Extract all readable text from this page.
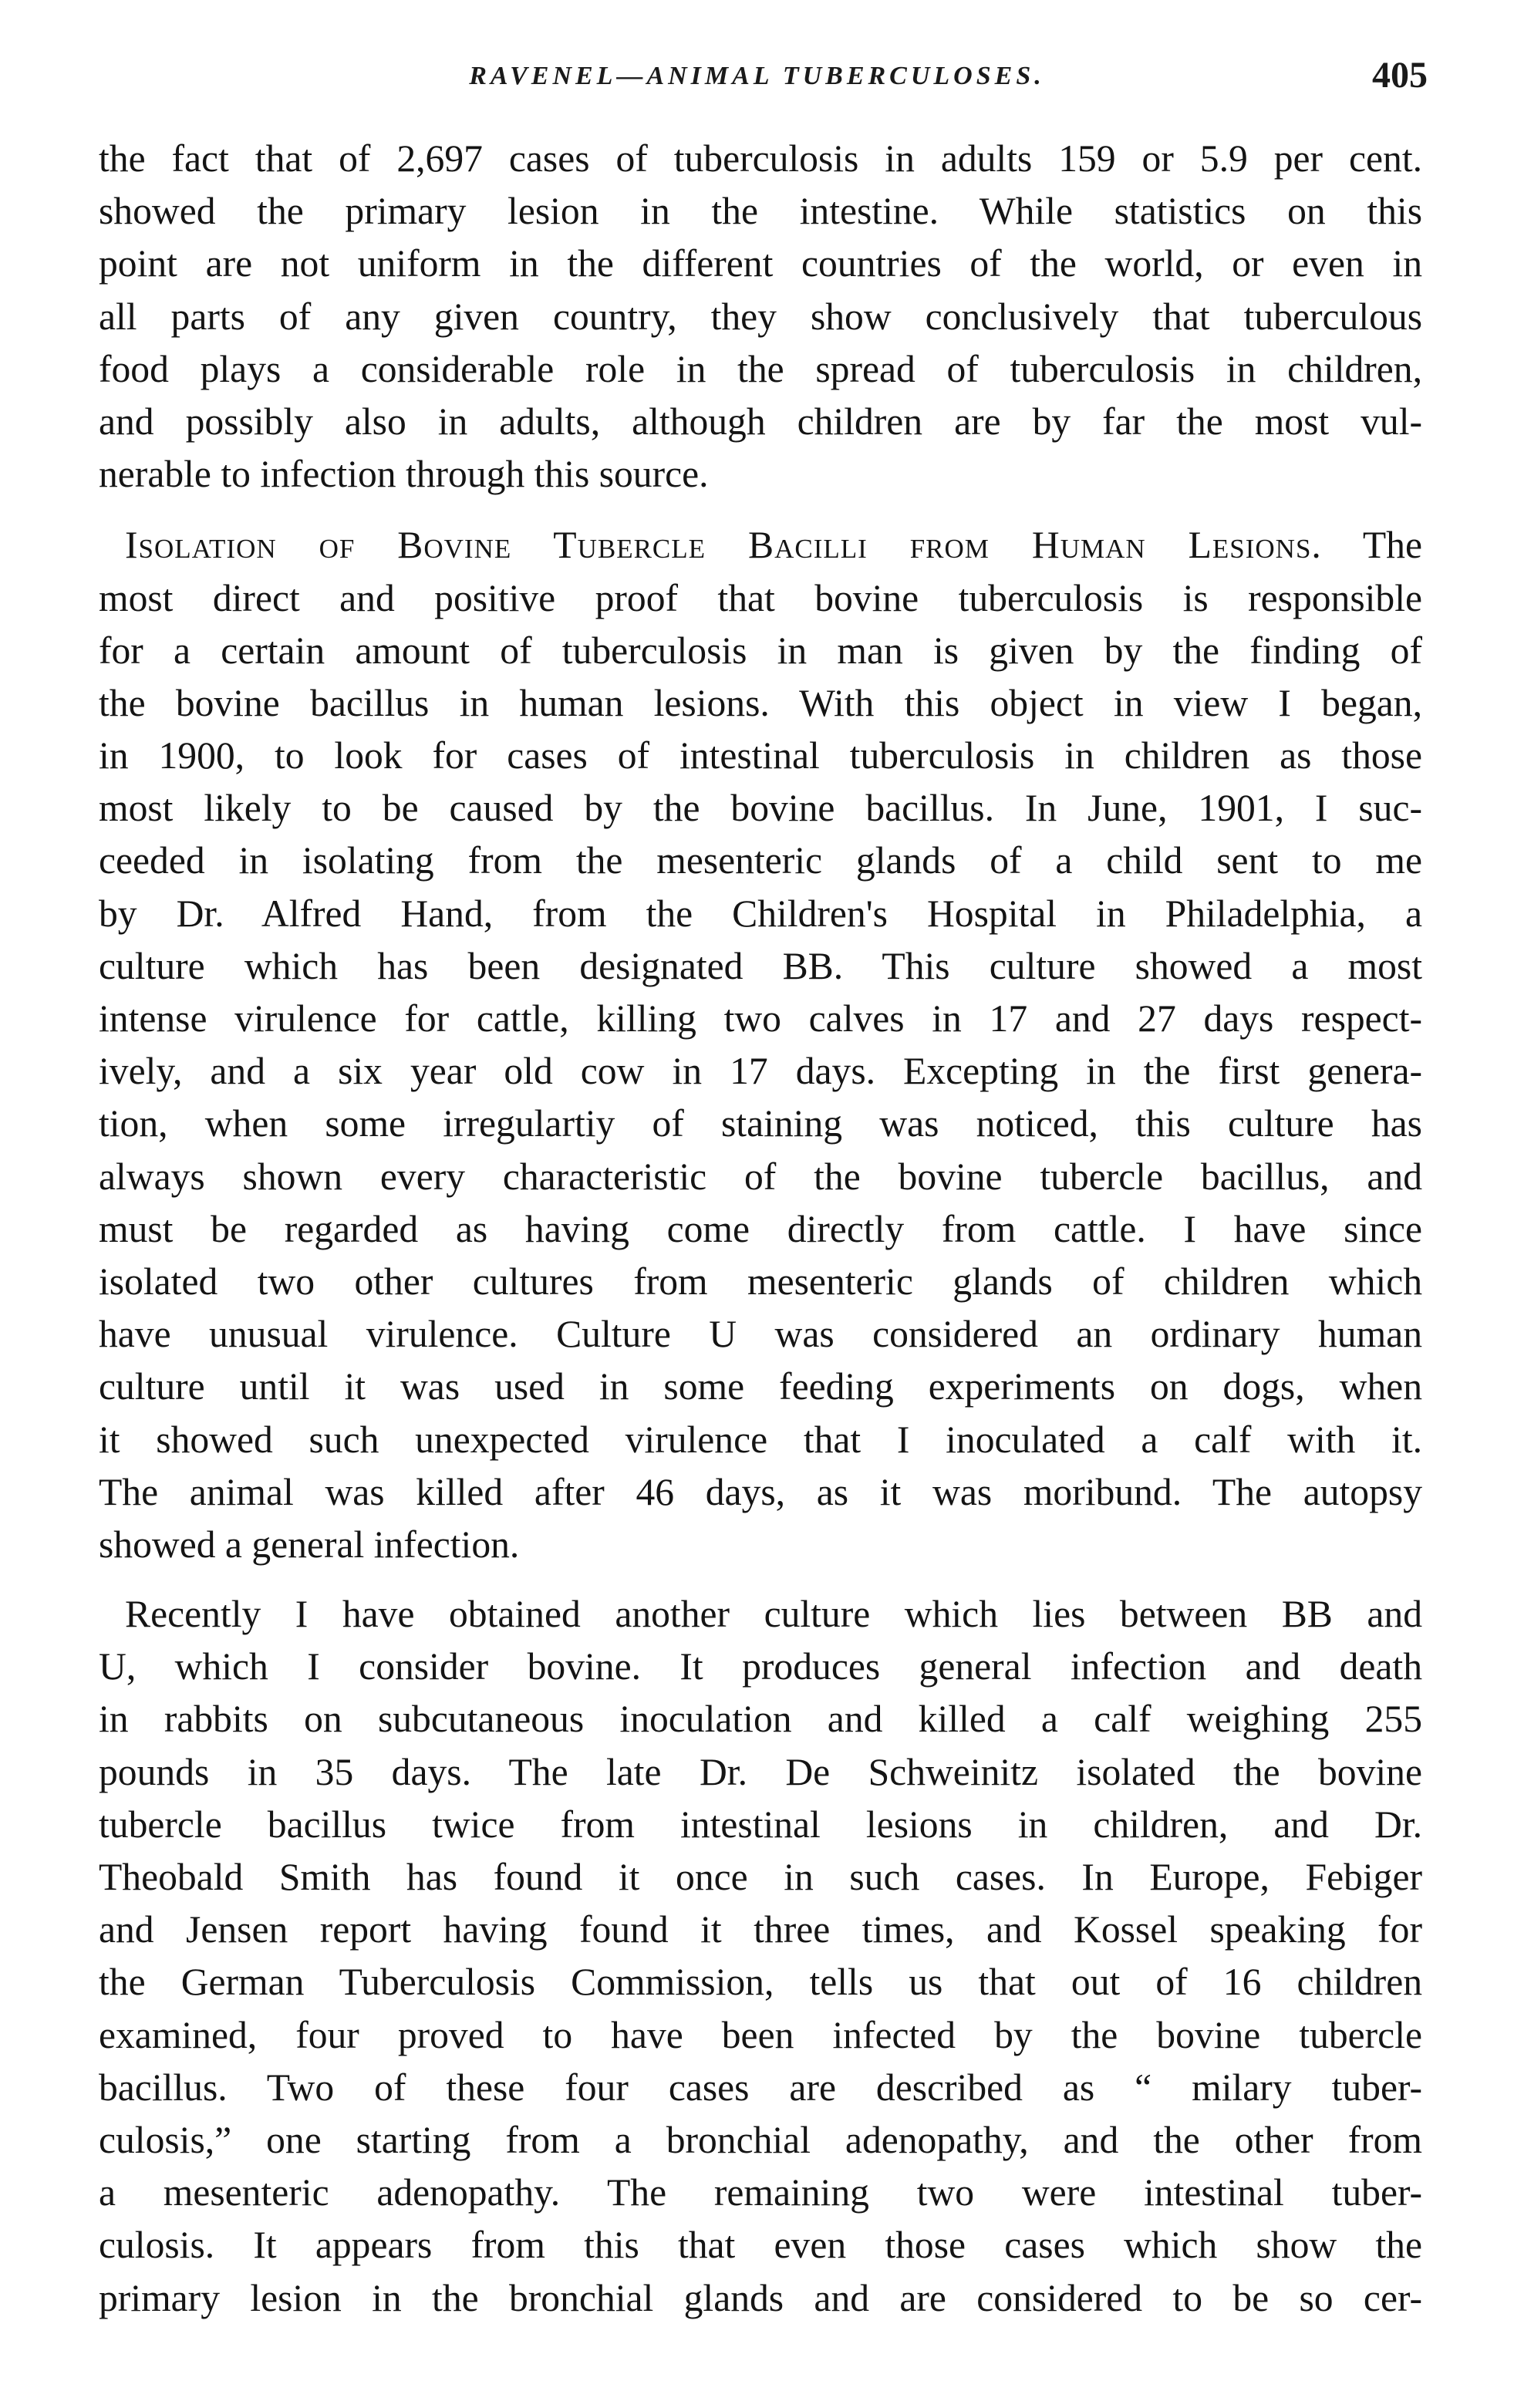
RAVENEL—ANIMAL TUBERCULOSES.	405
the fact that of 2,697 cases of tuberculosis in adults 159 or 5.9 per cent.
showed the primary lesion in the intestine. While statistics on this
point are not uniform in the different countries of the world, or even in
all parts of any given country, they show conclusively that tuberculous
food plays a considerable role in the spread of tuberculosis in children,
and possibly also in adults, although children are by far the most vul-
nerable to infection through this source.
Isolation of Bovine Tubercle Bacilli from Human Lesions. The
most direct and positive proof that bovine tuberculosis is responsible
for a certain amount of tuberculosis in man is given by the finding of
the bovine bacillus in human lesions. With this object in view I began,
in 1900, to look for cases of intestinal tuberculosis in children as those
most likely to be caused by the bovine bacillus. In June, 1901, I suc-
ceeded in isolating from the mesenteric glands of a child sent to me
by Dr. Alfred Hand, from the Children's Hospital in Philadelphia, a
culture which has been designated BB. This culture showed a most
intense virulence for cattle, killing two calves in 17 and 27 days respect-
ively, and a six year old cow in 17 days. Excepting in the first genera-
tion, when some irregulartiy of staining was noticed, this culture has
always shown every characteristic of the bovine tubercle bacillus, and
must be regarded as having come directly from cattle. I have since
isolated two other cultures from mesenteric glands of children which
have unusual virulence. Culture U was considered an ordinary human
culture until it was used in some feeding experiments on dogs, when
it showed such unexpected virulence that I inoculated a calf with it.
The animal was killed after 46 days, as it was moribund. The autopsy
showed a general infection.
Recently I have obtained another culture which lies between BB and
U, which I consider bovine. It produces general infection and death
in rabbits on subcutaneous inoculation and killed a calf weighing 255
pounds in 35 days. The late Dr. De Schweinitz isolated the bovine
tubercle bacillus twice from intestinal lesions in children, and Dr.
Theobald Smith has found it once in such cases. In Europe, Febiger
and Jensen report having found it three times, and Kossel speaking for
the German Tuberculosis Commission, tells us that out of 16 children
examined, four proved to have been infected by the bovine tubercle
bacillus. Two of these four cases are described as “ milary tuber-
culosis,” one starting from a bronchial adenopathy, and the other from
a mesenteric adenopathy. The remaining two were intestinal tuber-
culosis. It appears from this that even those cases which show the
primary lesion in the bronchial glands and are considered to be so cer-
